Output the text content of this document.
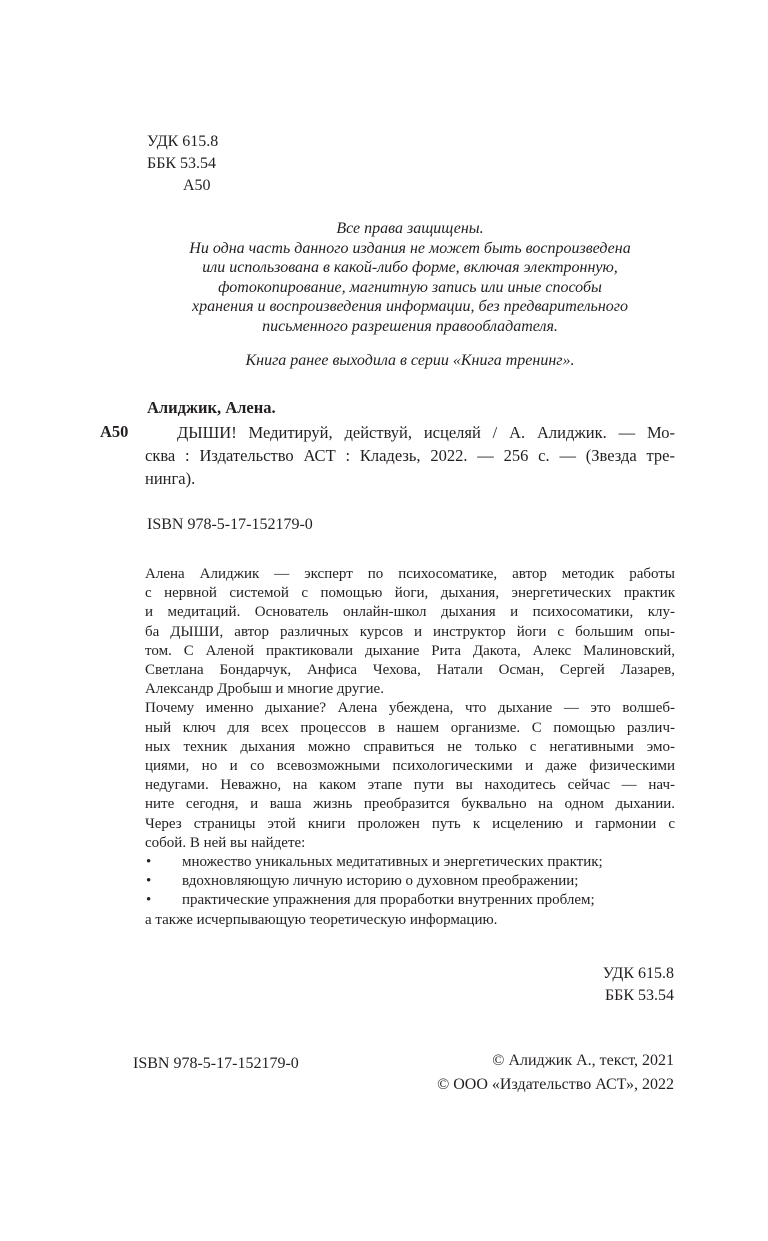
УДК 615.8
ББК 53.54
А50
Все права защищены.
Ни одна часть данного издания не может быть воспроизведена
или использована в какой-либо форме, включая электронную,
фотокопирование, магнитную запись или иные способы
хранения и воспроизведения информации, без предварительного
письменного разрешения правообладателя.
Книга ранее выходила в серии «Книга тренинг».
Алиджик, Алена.
А50	ДЫШИ! Медитируй, действуй, исцеляй / А. Алиджик. — Мо-
сква : Издательство АСТ : Кладезь, 2022. — 256 с. — (Звезда тре-
нинга).
ISBN 978-5-17-152179-0
Алена Алиджик — эксперт по психосоматике, автор методик работы
с нервной системой с помощью йоги, дыхания, энергетических практик
и медитаций. Основатель онлайн-школ дыхания и психосоматики, клу-
ба ДЫШИ, автор различных курсов и инструктор йоги с большим опы-
том. С Аленой практиковали дыхание Рита Дакота, Алекс Малиновский,
Светлана Бондарчук, Анфиса Чехова, Натали Осман, Сергей Лазарев,
Александр Дробыш и многие другие.
Почему именно дыхание? Алена убеждена, что дыхание — это волшеб-
ный ключ для всех процессов в нашем организме. С помощью различ-
ных техник дыхания можно справиться не только с негативными эмо-
циями, но и со всевозможными психологическими и даже физическими
недугами. Неважно, на каком этапе пути вы находитесь сейчас — нач-
ните сегодня, и ваша жизнь преобразится буквально на одном дыхании.
Через страницы этой книги проложен путь к исцелению и гармонии с
собой. В ней вы найдете:
• множество уникальных медитативных и энергетических практик;
• вдохновляющую личную историю о духовном преображении;
• практические упражнения для проработки внутренних проблем;
а также исчерпывающую теоретическую информацию.
УДК 615.8
ББК 53.54
ISBN 978-5-17-152179-0	© Алиджик А., текст, 2021
© ООО «Издательство АСТ», 2022
